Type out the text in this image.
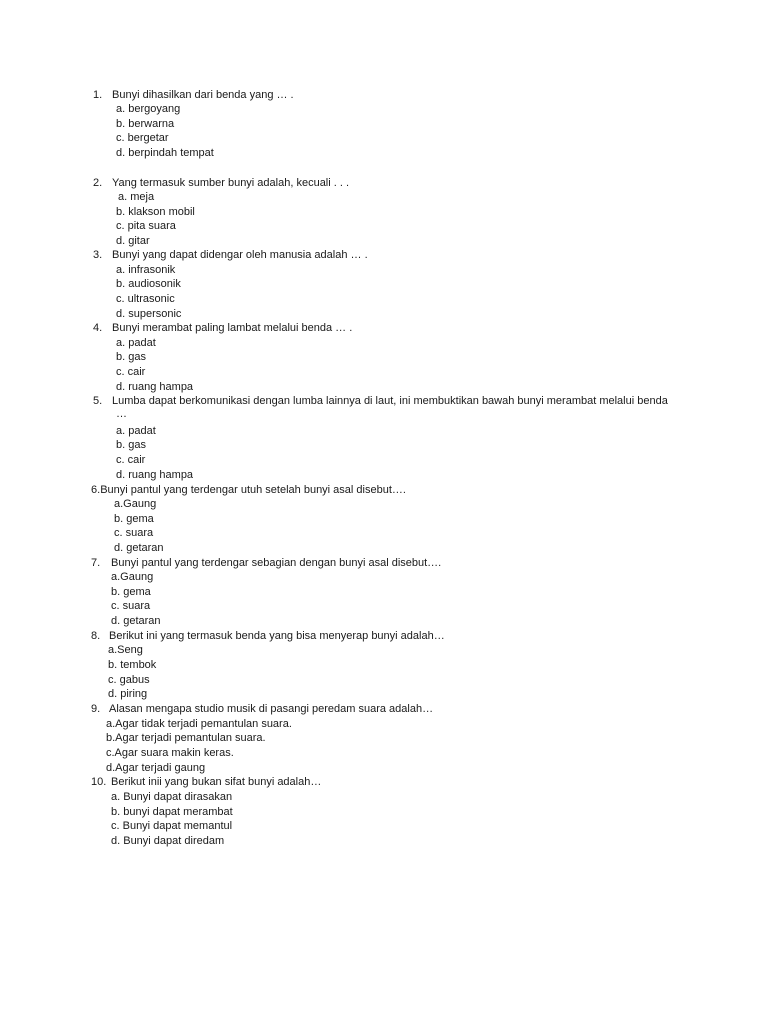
1. Bunyi dihasilkan dari benda yang … .
a. bergoyang
b. berwarna
c. bergetar
d. berpindah tempat
2. Yang termasuk sumber bunyi adalah, kecuali . . .
a. meja
b. klakson mobil
c. pita suara
d. gitar
3. Bunyi yang dapat didengar oleh manusia adalah … .
a. infrasonik
b. audiosonik
c. ultrasonic
d. supersonic
4. Bunyi merambat paling lambat melalui benda … .
a. padat
b. gas
c. cair
d. ruang hampa
5. Lumba dapat berkomunikasi dengan lumba lainnya di laut, ini membuktikan bawah bunyi merambat melalui benda
…
a. padat
b. gas
c. cair
d. ruang hampa
6.Bunyi pantul yang terdengar utuh setelah bunyi asal disebut….
a.Gaung
b. gema
c. suara
d. getaran
7. Bunyi pantul yang terdengar sebagian dengan bunyi asal disebut….
a.Gaung
b. gema
c. suara
d. getaran
8. Berikut ini yang termasuk benda yang bisa menyerap bunyi adalah…
a.Seng
b. tembok
c. gabus
d. piring
9. Alasan mengapa studio musik di pasangi peredam suara adalah…
a.Agar tidak terjadi pemantulan suara.
b.Agar terjadi pemantulan suara.
c.Agar suara makin keras.
d.Agar terjadi gaung
10. Berikut inii yang bukan sifat bunyi adalah…
a. Bunyi dapat dirasakan
b. bunyi dapat merambat
c. Bunyi dapat memantul
d. Bunyi dapat diredam
